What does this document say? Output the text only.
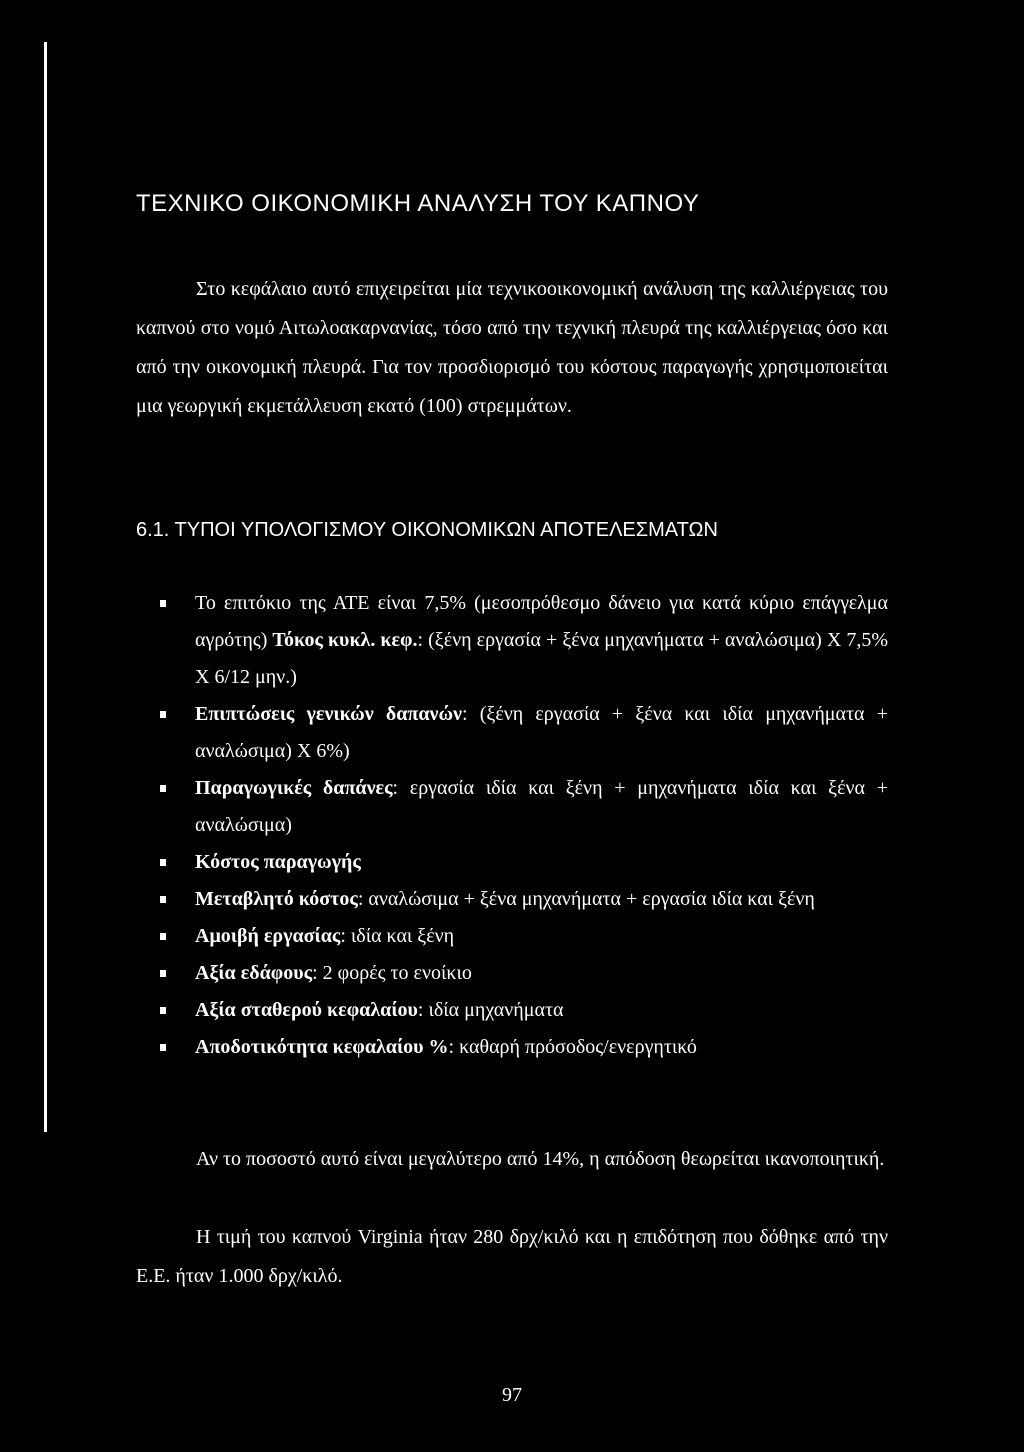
ΤΕΧΝΙΚΟ ΟΙΚΟΝΟΜΙΚΗ ΑΝΑΛΥΣΗ ΤΟΥ ΚΑΠΝΟΥ

Στο κεφάλαιο αυτό επιχειρείται μία τεχνικοοικονομική ανάλυση της καλλιέργειας του καπνού στο νομό Αιτωλοακαρνανίας, τόσο από την τεχνική πλευρά της καλλιέργειας όσο και από την οικονομική πλευρά. Για τον προσδιορισμό του κόστους παραγωγής χρησιμοποιείται μια γεωργική εκμετάλλευση εκατό (100) στρεμμάτων.

6.1. ΤΥΠΟΙ ΥΠΟΛΟΓΙΣΜΟΥ ΟΙΚΟΝΟΜΙΚΩΝ ΑΠΟΤΕΛΕΣΜΑΤΩΝ
Το επιτόκιο της ΑΤΕ είναι 7,5% (μεσοπρόθεσμο δάνειο για κατά κύριο επάγγελμα αγρότης) Τόκος κυκλ. κεφ.: (ξένη εργασία + ξένα μηχανήματα + αναλώσιμα) Χ 7,5% Χ 6/12 μην.)
Επιπτώσεις γενικών δαπανών: (ξένη εργασία + ξένα και ιδία μηχανήματα + αναλώσιμα) Χ 6%)
Παραγωγικές δαπάνες: εργασία ιδία και ξένη + μηχανήματα ιδία και ξένα + αναλώσιμα)
Κόστος παραγωγής
Μεταβλητό κόστος: αναλώσιμα + ξένα μηχανήματα + εργασία ιδία και ξένη
Αμοιβή εργασίας: ιδία και ξένη
Αξία εδάφους: 2 φορές το ενοίκιο
Αξία σταθερού κεφαλαίου: ιδία μηχανήματα
Αποδοτικότητα κεφαλαίου %: καθαρή πρόσοδος/ενεργητικό

Αν το ποσοστό αυτό είναι μεγαλύτερο από 14%, η απόδοση θεωρείται ικανοποιητική.

Η τιμή του καπνού Virginia ήταν 280 δρχ/κιλό και η επιδότηση που δόθηκε από την Ε.Ε. ήταν 1.000 δρχ/κιλό.

97
